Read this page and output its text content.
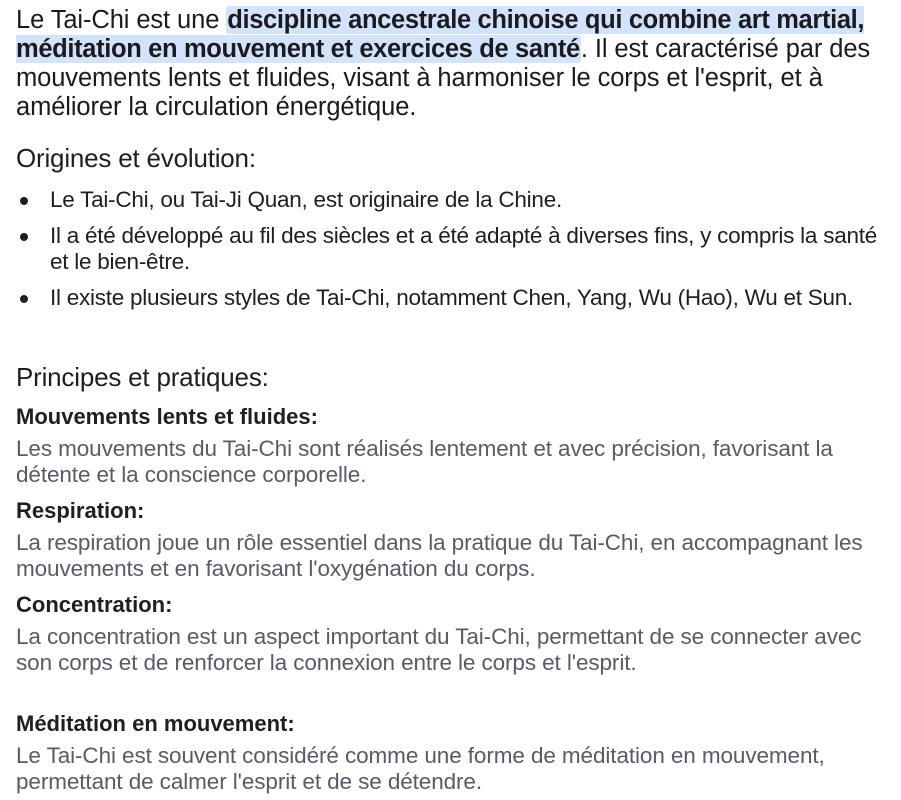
Le Tai-Chi est une discipline ancestrale chinoise qui combine art martial, méditation en mouvement et exercices de santé. Il est caractérisé par des mouvements lents et fluides, visant à harmoniser le corps et l'esprit, et à améliorer la circulation énergétique.

Origines et évolution:
Le Tai-Chi, ou Tai-Ji Quan, est originaire de la Chine.
Il a été développé au fil des siècles et a été adapté à diverses fins, y compris la santé et le bien-être.
Il existe plusieurs styles de Tai-Chi, notamment Chen, Yang, Wu (Hao), Wu et Sun.
Principes et pratiques:

Mouvements lents et fluides:

Les mouvements du Tai-Chi sont réalisés lentement et avec précision, favorisant la détente et la conscience corporelle.

Respiration:

La respiration joue un rôle essentiel dans la pratique du Tai-Chi, en accompagnant les mouvements et en favorisant l'oxygénation du corps.

Concentration:

La concentration est un aspect important du Tai-Chi, permettant de se connecter avec son corps et de renforcer la connexion entre le corps et l'esprit.

Méditation en mouvement:

Le Tai-Chi est souvent considéré comme une forme de méditation en mouvement, permettant de calmer l'esprit et de se détendre.
